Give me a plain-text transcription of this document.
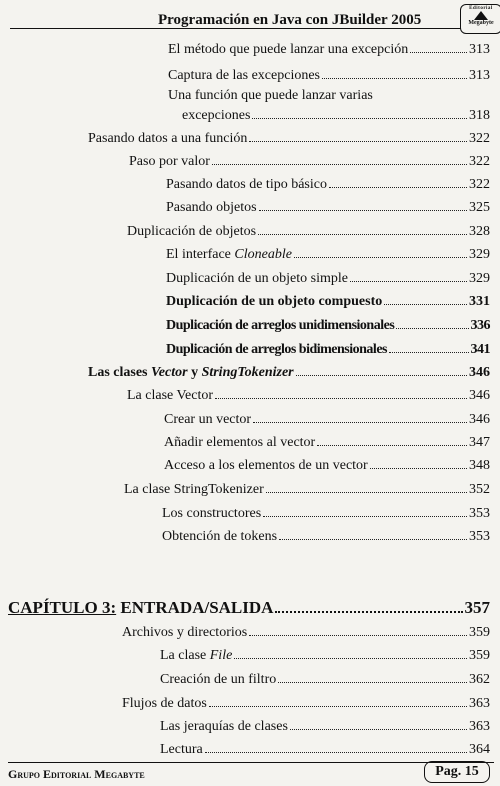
Programación en Java con JBuilder 2005
Editorial
Megabyte
El método que puede lanzar una excepción	313
Captura de las excepciones	313
Una función que puede lanzar varias
excepciones	318
Pasando datos a una función	322
Paso por valor	322
Pasando datos de tipo básico	322
Pasando objetos	325
Duplicación de objetos	328
El interface Cloneable	329
Duplicación de un objeto simple	329
Duplicación de un objeto compuesto	331
Duplicación de arreglos unidimensionales	336
Duplicación de arreglos bidimensionales	341
Las clases Vector y StringTokenizer	346
La clase Vector	346
Crear un vector	346
Añadir elementos al vector	347
Acceso a los elementos de un vector	348
La clase StringTokenizer	352
Los constructores	353
Obtención de tokens	353
CAPÍTULO 3: ENTRADA/SALIDA	357
Archivos y directorios	359
La clase File	359
Creación de un filtro	362
Flujos de datos	363
Las jeraquías de clases	363
Lectura	364
Grupo Editorial Megabyte	Pag. 15
